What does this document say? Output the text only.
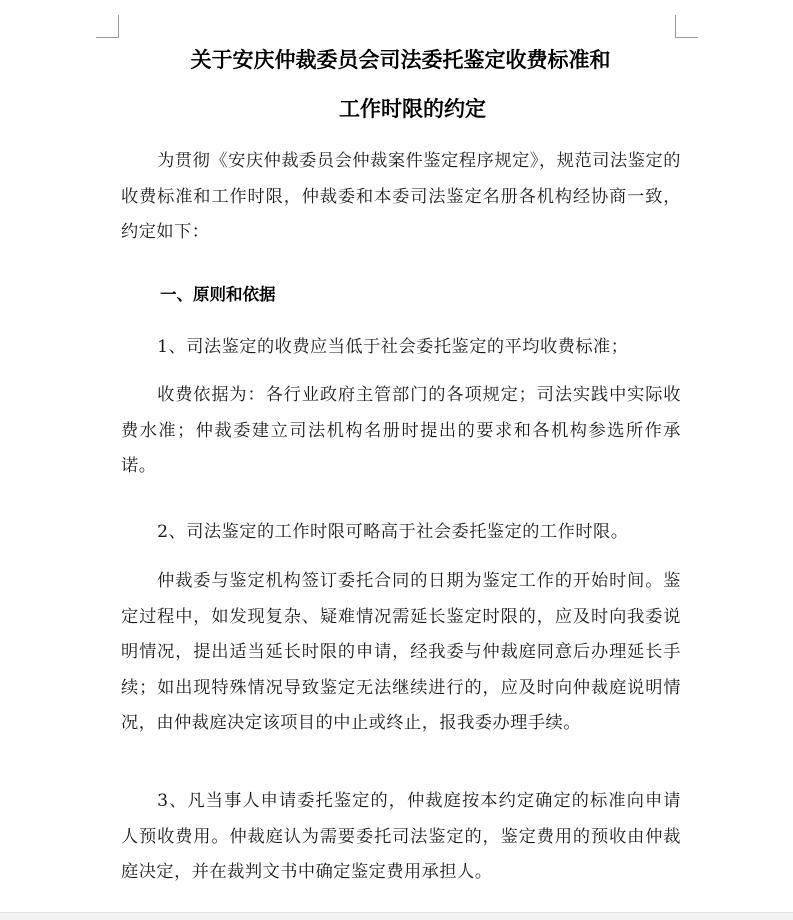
关于安庆仲裁委员会司法委托鉴定收费标准和
工作时限的约定

为贯彻《安庆仲裁委员会仲裁案件鉴定程序规定》，规范司法鉴定的收费标准和工作时限，仲裁委和本委司法鉴定名册各机构经协商一致，约定如下：

一、原则和依据

1、司法鉴定的收费应当低于社会委托鉴定的平均收费标准；

收费依据为：各行业政府主管部门的各项规定；司法实践中实际收费水准；仲裁委建立司法机构名册时提出的要求和各机构参选所作承诺。

2、司法鉴定的工作时限可略高于社会委托鉴定的工作时限。

仲裁委与鉴定机构签订委托合同的日期为鉴定工作的开始时间。鉴定过程中，如发现复杂、疑难情况需延长鉴定时限的，应及时向我委说明情况，提出适当延长时限的申请，经我委与仲裁庭同意后办理延长手续；如出现特殊情况导致鉴定无法继续进行的，应及时向仲裁庭说明情况，由仲裁庭决定该项目的中止或终止，报我委办理手续。

3、凡当事人申请委托鉴定的，仲裁庭按本约定确定的标准向申请人预收费用。仲裁庭认为需要委托司法鉴定的，鉴定费用的预收由仲裁庭决定，并在裁判文书中确定鉴定费用承担人。
